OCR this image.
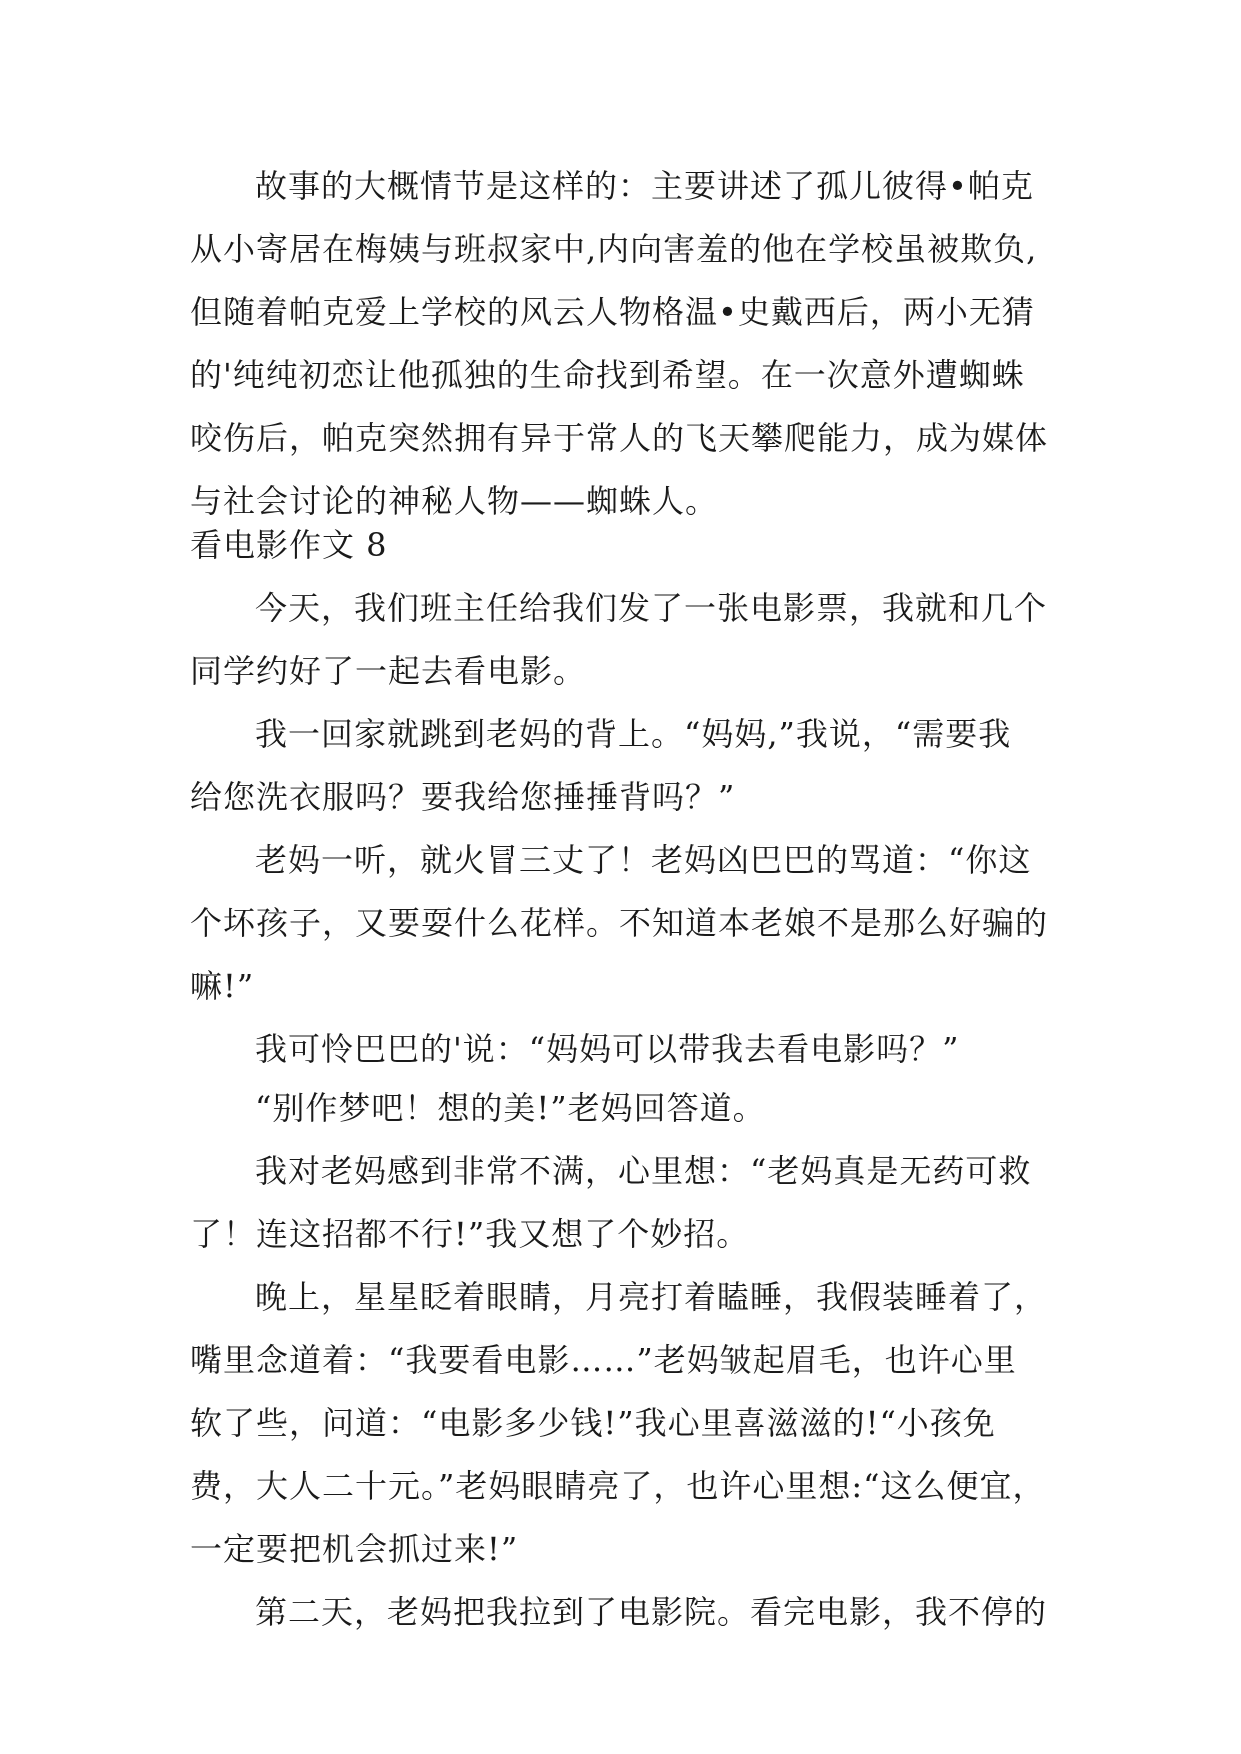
故事的大概情节是这样的：主要讲述了孤儿彼得•帕克
从小寄居在梅姨与班叔家中,内向害羞的他在学校虽被欺负,
但随着帕克爱上学校的风云人物格温•史戴西后，两小无猜
的'纯纯初恋让他孤独的生命找到希望。在一次意外遭蜘蛛
咬伤后，帕克突然拥有异于常人的飞天攀爬能力，成为媒体
与社会讨论的神秘人物——蜘蛛人。
看电影作文 8
今天，我们班主任给我们发了一张电影票，我就和几个
同学约好了一起去看电影。
我一回家就跳到老妈的背上。“妈妈,”我说，“需要我
给您洗衣服吗？要我给您捶捶背吗？”
老妈一听，就火冒三丈了！老妈凶巴巴的骂道：“你这
个坏孩子，又要耍什么花样。不知道本老娘不是那么好骗的
嘛!”
我可怜巴巴的'说：“妈妈可以带我去看电影吗？”
“别作梦吧！想的美!”老妈回答道。
我对老妈感到非常不满，心里想：“老妈真是无药可救
了！连这招都不行!”我又想了个妙招。
晚上，星星眨着眼睛，月亮打着瞌睡，我假装睡着了，
嘴里念道着：“我要看电影……”老妈皱起眉毛，也许心里
软了些，问道：“电影多少钱!”我心里喜滋滋的!“小孩免
费，大人二十元。”老妈眼睛亮了，也许心里想:“这么便宜，
一定要把机会抓过来!”
第二天，老妈把我拉到了电影院。看完电影，我不停的
